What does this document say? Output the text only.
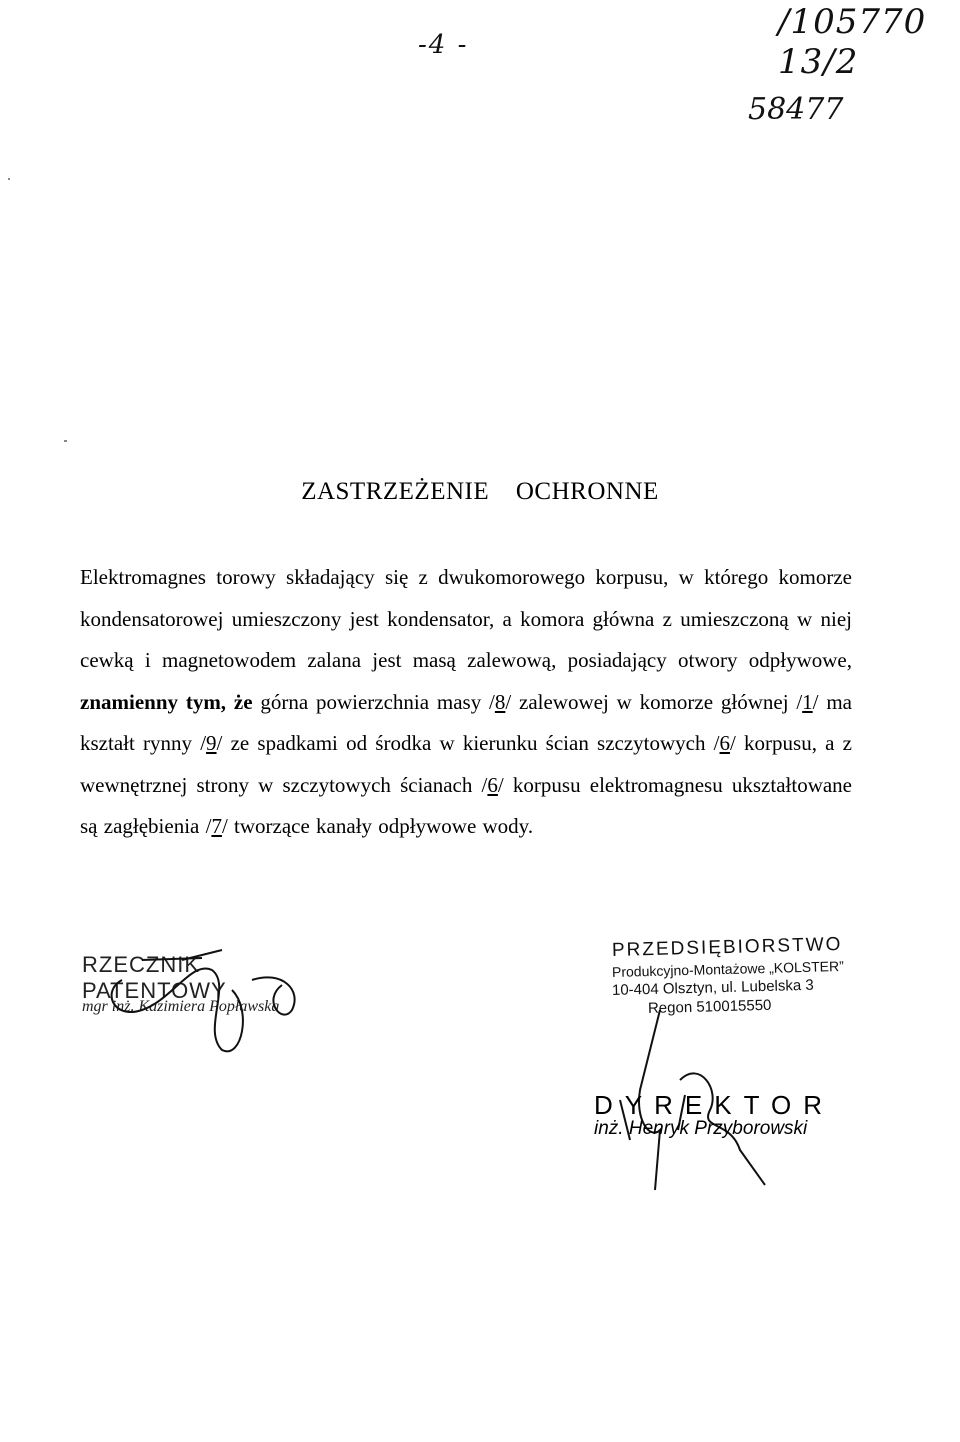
-4 -
/105770 13/2
58477
ZASTRZEŻENIE OCHRONNE
Elektromagnes torowy składający się z dwukomorowego korpusu, w którego komorze kondensatorowej umieszczony jest kondensator, a komora główna z umieszczoną w niej cewką i magnetowodem zalana jest masą zalewową, posiadający otwory odpływowe, znamienny tym, że górna powierzchnia masy /8/ zalewowej w komorze głównej /1/ ma kształt rynny /9/ ze spadkami od środka w kierunku ścian szczytowych /6/ korpusu, a z wewnętrznej strony w szczytowych ścianach /6/ korpusu elektromagnesu ukształtowane są zagłębienia /7/ tworzące kanały odpływowe wody.
RZECZNIK PATENTOWY
mgr inż. Kazimiera Popławska
PRZEDSIĘBIORSTWO
Produkcyjno-Montażowe „KOLSTER”
10-404 Olsztyn, ul. Lubelska 3
Regon 510015550
DYREKTOR
inż. Henryk Przyborowski
